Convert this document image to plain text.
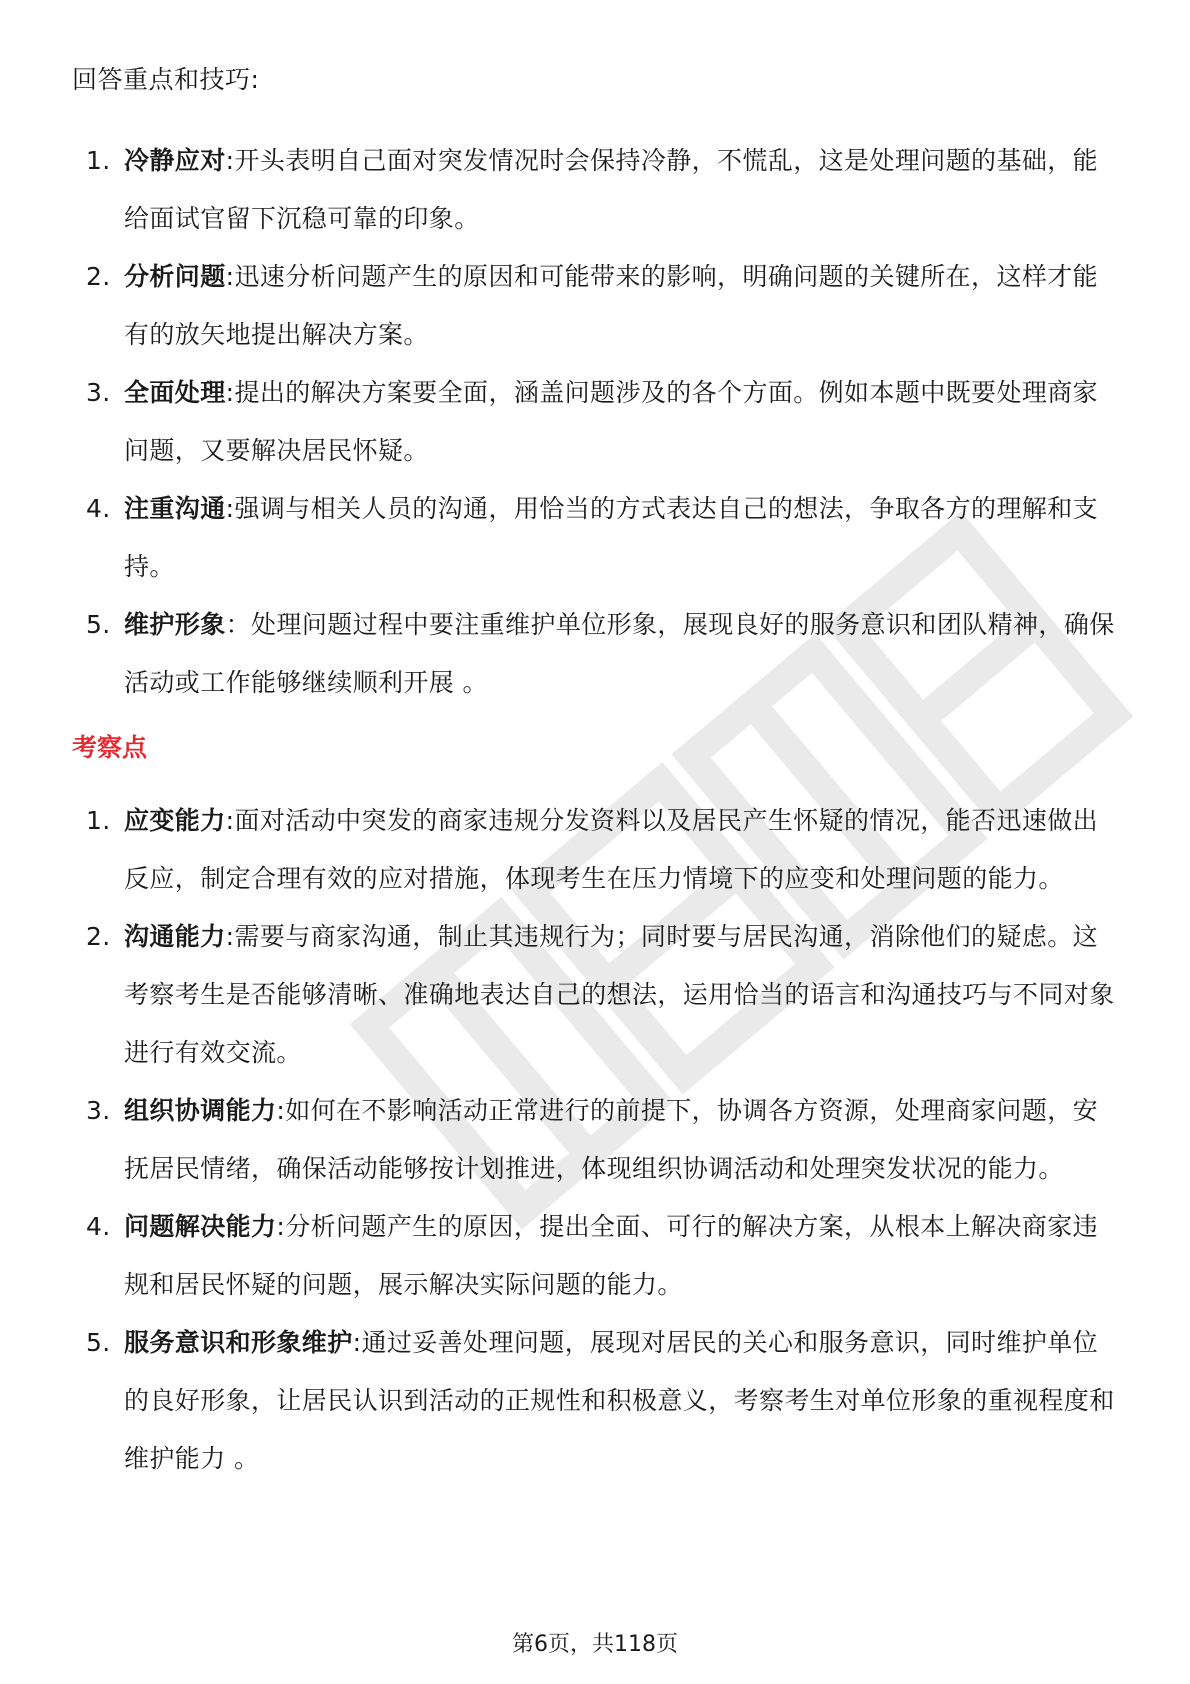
回答重点和技巧:
1. 冷静应对:开头表明自己面对突发情况时会保持冷静，不慌乱，这是处理问题的基础，能给面试官留下沉稳可靠的印象。
2. 分析问题:迅速分析问题产生的原因和可能带来的影响，明确问题的关键所在，这样才能有的放矢地提出解决方案。
3. 全面处理:提出的解决方案要全面，涵盖问题涉及的各个方面。例如本题中既要处理商家问题，又要解决居民怀疑。
4. 注重沟通:强调与相关人员的沟通，用恰当的方式表达自己的想法，争取各方的理解和支持。
5. 维护形象：处理问题过程中要注重维护单位形象，展现良好的服务意识和团队精神，确保活动或工作能够继续顺利开展 。
考察点
1. 应变能力:面对活动中突发的商家违规分发资料以及居民产生怀疑的情况，能否迅速做出反应，制定合理有效的应对措施，体现考生在压力情境下的应变和处理问题的能力。
2. 沟通能力:需要与商家沟通，制止其违规行为；同时要与居民沟通，消除他们的疑虑。这考察考生是否能够清晰、准确地表达自己的想法，运用恰当的语言和沟通技巧与不同对象进行有效交流。
3. 组织协调能力:如何在不影响活动正常进行的前提下，协调各方资源，处理商家问题，安抚居民情绪，确保活动能够按计划推进，体现组织协调活动和处理突发状况的能力。
4. 问题解决能力:分析问题产生的原因，提出全面、可行的解决方案，从根本上解决商家违规和居民怀疑的问题，展示解决实际问题的能力。
5. 服务意识和形象维护:通过妥善处理问题，展现对居民的关心和服务意识，同时维护单位的良好形象，让居民认识到活动的正规性和积极意义，考察考生对单位形象的重视程度和维护能力 。
第6页，共118页
